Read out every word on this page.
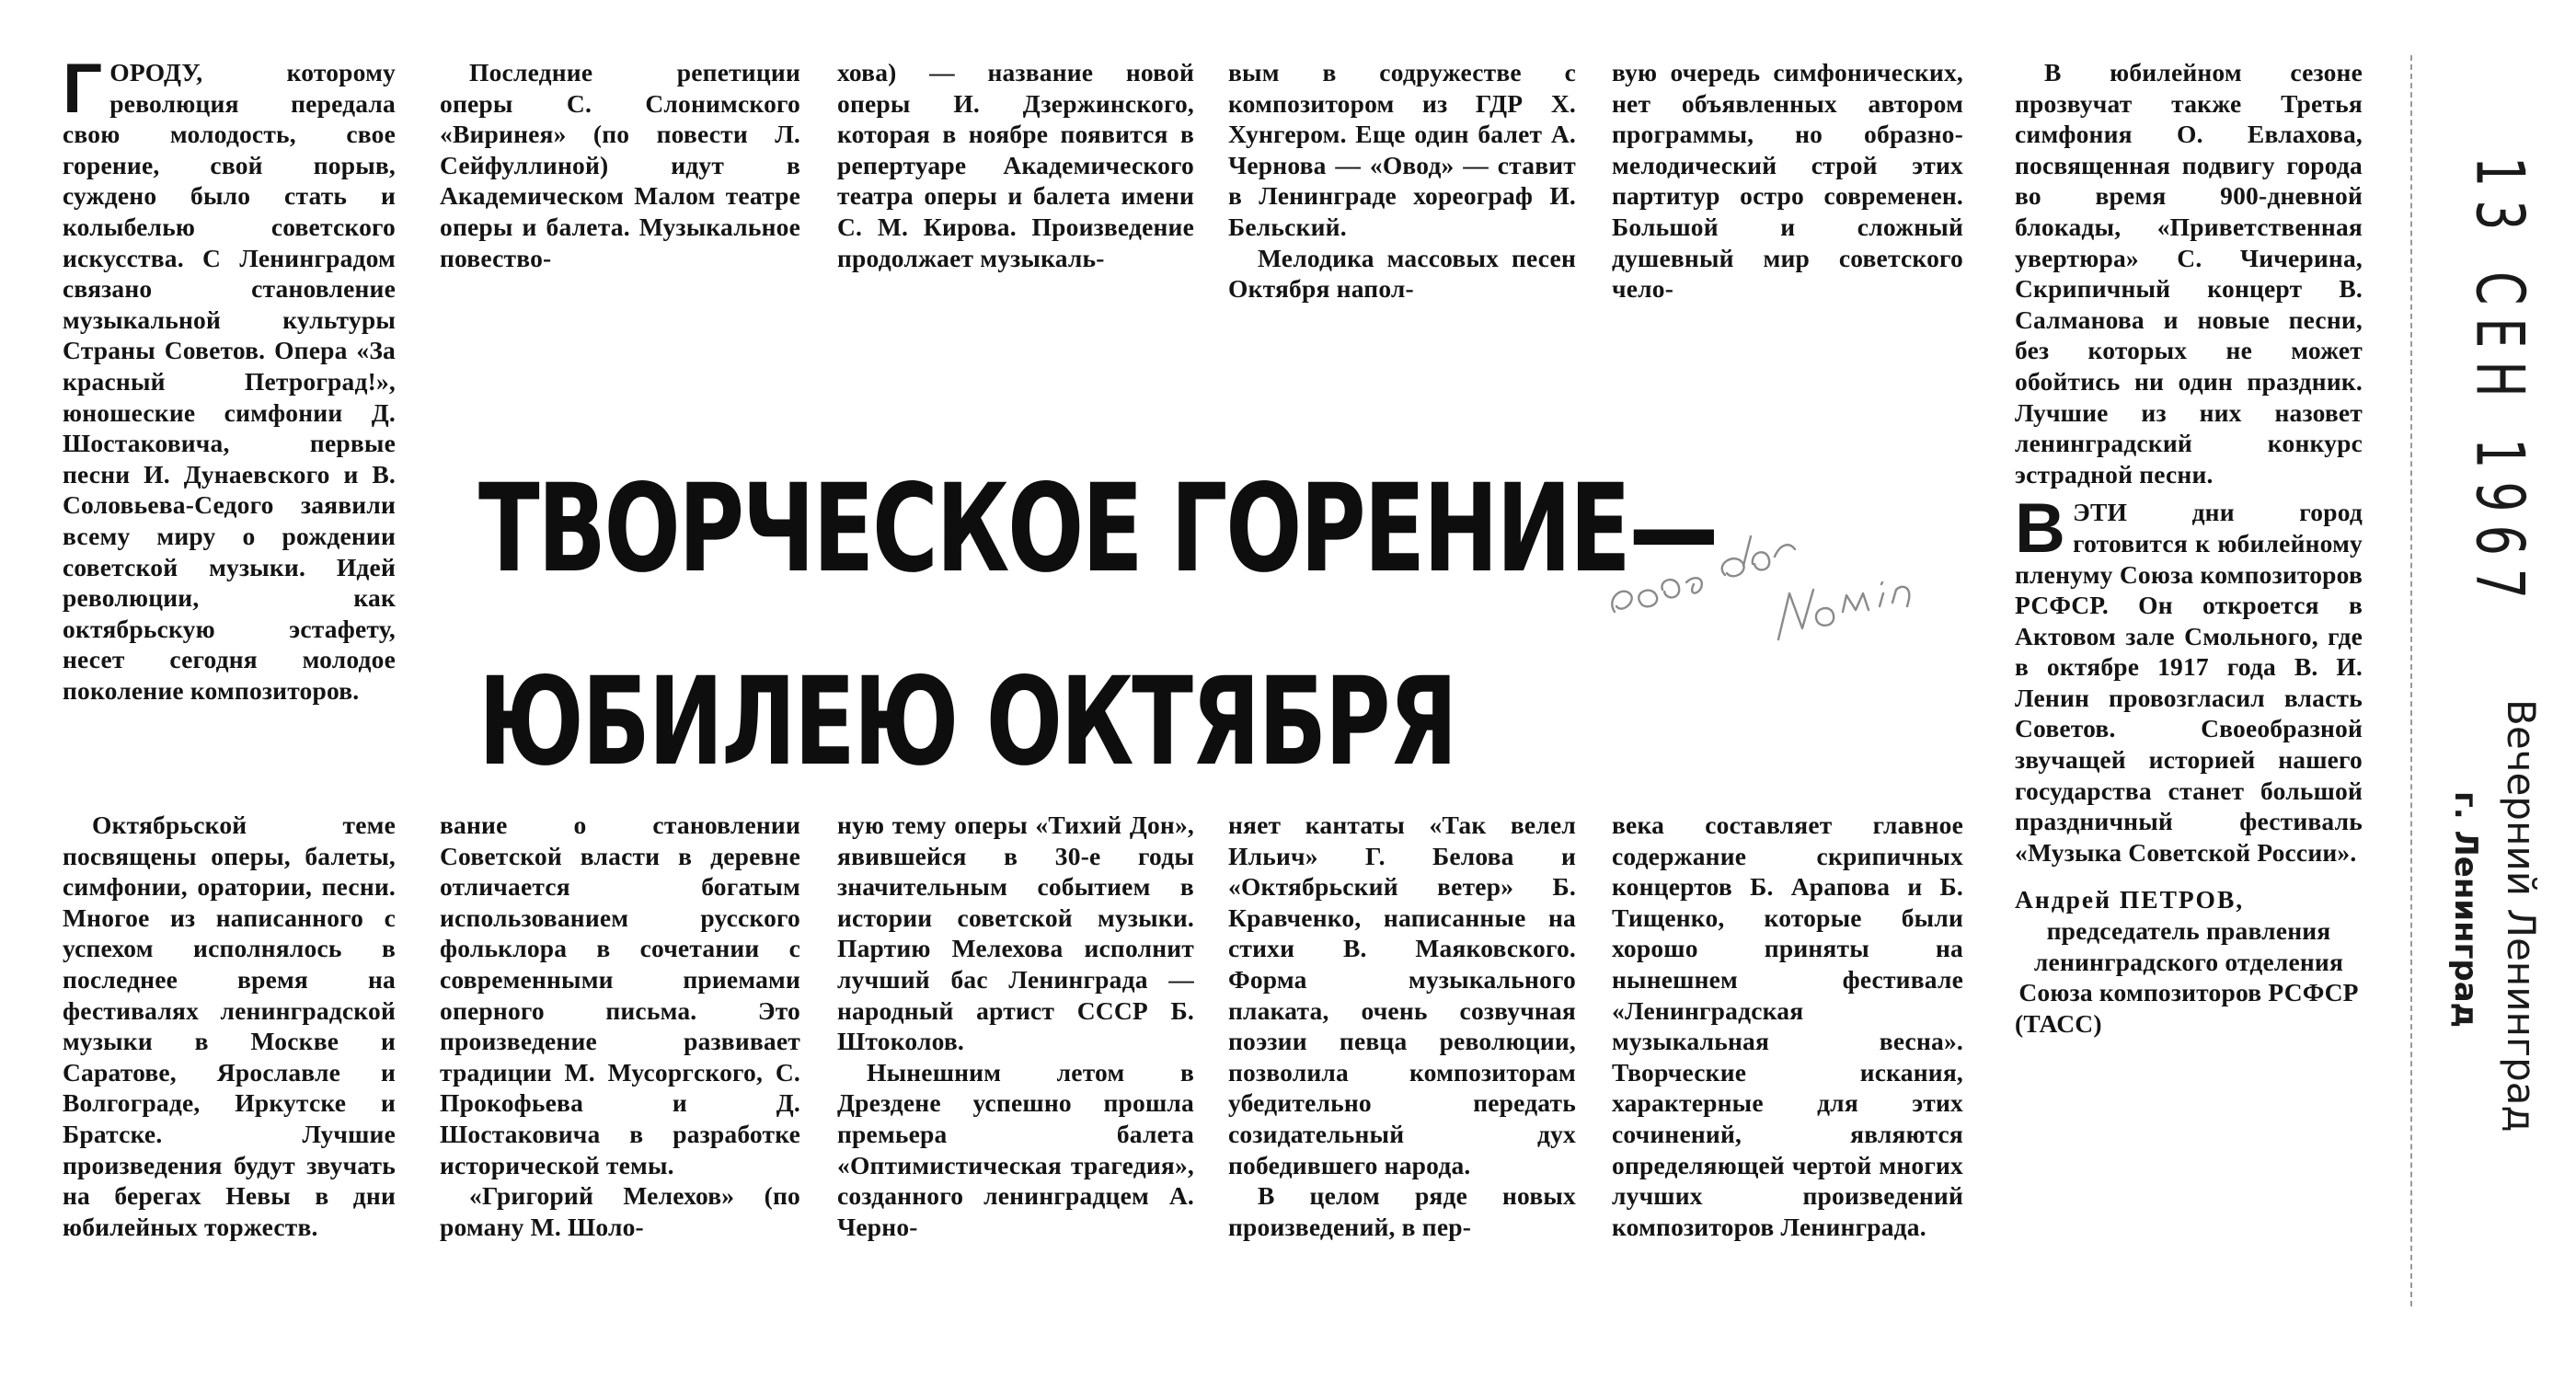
ГОРОДУ, которому революция передала свою молодость, свое горение, свой порыв, суждено было стать и колыбелью советского искусства. С Ленинградом связано становление музыкальной культуры Страны Советов. Опера «За красный Петроград!», юношеские симфонии Д. Шостаковича, первые песни И. Дунаевского и В. Соловьева-Седого заявили всему миру о рождении советской музыки. Идей революции, как октябрьскую эстафету, несет сегодня молодое поколение композиторов.

Октябрьской теме посвящены оперы, балеты, симфонии, оратории, песни. Многое из написанного с успехом исполнялось в последнее время на фестивалях ленинградской музыки в Москве и Саратове, Ярославле и Волгограде, Иркутске и Братске. Лучшие произведения будут звучать на берегах Невы в дни юбилейных торжеств.

Последние репетиции оперы С. Слонимского «Виринея» (по повести Л. Сейфуллиной) идут в Академическом Малом театре оперы и балета. Музыкальное повество-

вание о становлении Советской власти в деревне отличается богатым использованием русского фольклора в сочетании с современными приемами оперного письма. Это произведение развивает традиции М. Мусоргского, С. Прокофьева и Д. Шостаковича в разработке исторической темы.

«Григорий Мелехов» (по роману М. Шоло-

хова) — название новой оперы И. Дзержинского, которая в ноябре появится в репертуаре Академического театра оперы и балета имени С. М. Кирова. Произведение продолжает музыкаль-

ную тему оперы «Тихий Дон», явившейся в 30-е годы значительным событием в истории советской музыки. Партию Мелехова исполнит лучший бас Ленинграда — народный артист СССР Б. Штоколов.

Нынешним летом в Дрездене успешно прошла премьера балета «Оптимистическая трагедия», созданного ленинградцем А. Черно-

вым в содружестве с композитором из ГДР Х. Хунгером. Еще один балет А. Чернова — «Овод» — ставит в Ленинграде хореограф И. Бельский.

Мелодика массовых песен Октября напол-

няет кантаты «Так велел Ильич» Г. Белова и «Октябрьский ветер» Б. Кравченко, написанные на стихи В. Маяковского. Форма музыкального плаката, очень созвучная поэзии певца революции, позволила композиторам убедительно передать созидательный дух победившего народа.

В целом ряде новых произведений, в пер-

вую очередь симфонических, нет объявленных автором программы, но образно-мелодический строй этих партитур остро современен. Большой и сложный душевный мир советского чело-

века составляет главное содержание скрипичных концертов Б. Арапова и Б. Тищенко, которые были хорошо приняты на нынешнем фестивале «Ленинградская музыкальная весна». Творческие искания, характерные для этих сочинений, являются определяющей чертой многих лучших произведений композиторов Ленинграда.

В юбилейном сезоне прозвучат также Третья симфония О. Евлахова, посвященная подвигу города во время 900-дневной блокады, «Приветственная увертюра» С. Чичерина, Скрипичный концерт В. Салманова и новые песни, без которых не может обойтись ни один праздник. Лучшие из них назовет ленинградский конкурс эстрадной песни.

ВЭТИ дни город готовится к юбилейному пленуму Союза композиторов РСФСР. Он откроется в Актовом зале Смольного, где в октябре 1917 года В. И. Ленин провозгласил власть Советов. Своеобразной звучащей историей нашего государства станет большой праздничный фестиваль «Музыка Советской России».

Андрей ПЕТРОВ,
председатель правления ленинградского отделения Союза композиторов РСФСР (ТАСС)

ТВОРЧЕСКОЕ ГОРЕНИЕ—
ЮБИЛЕЮ ОКТЯБРЯ
13 СЕН 1967
Вечерний Ленинград
г. Ленинград
